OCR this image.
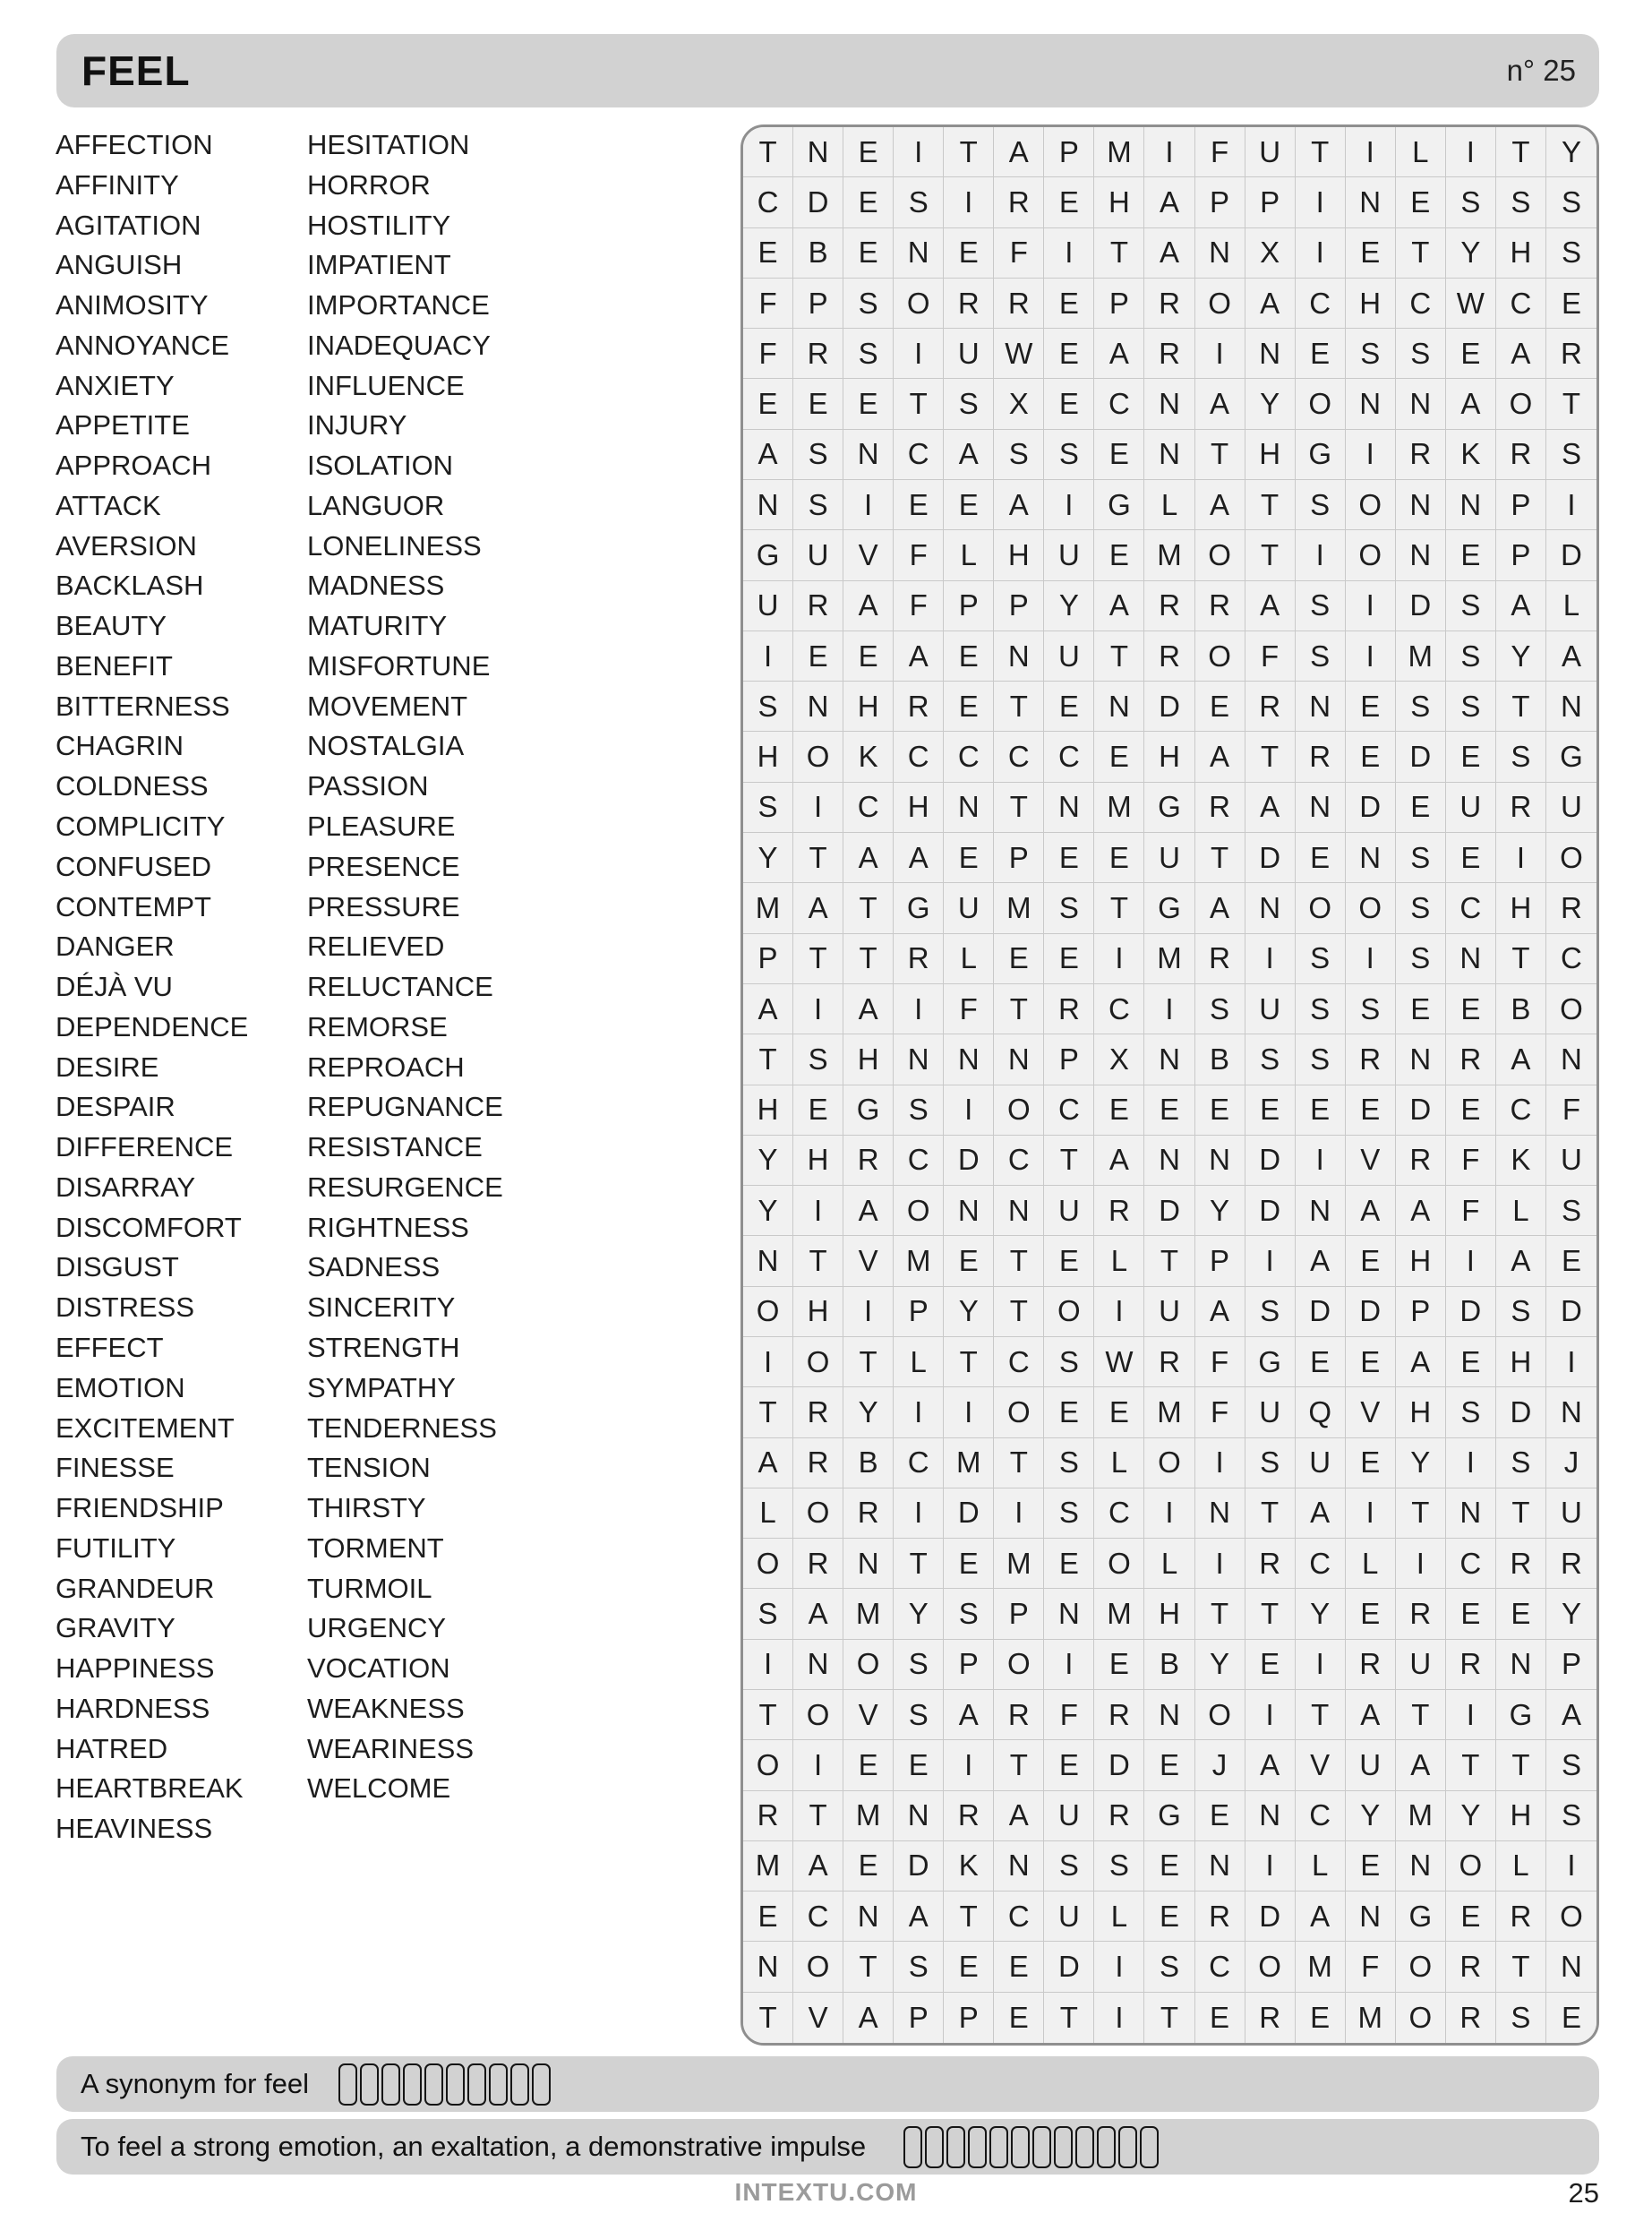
FEEL	n° 25
AFFECTION
AFFINITY
AGITATION
ANGUISH
ANIMOSITY
ANNOYANCE
ANXIETY
APPETITE
APPROACH
ATTACK
AVERSION
BACKLASH
BEAUTY
BENEFIT
BITTERNESS
CHAGRIN
COLDNESS
COMPLICITY
CONFUSED
CONTEMPT
DANGER
DÉJÀ VU
DEPENDENCE
DESIRE
DESPAIR
DIFFERENCE
DISARRAY
DISCOMFORT
DISGUST
DISTRESS
EFFECT
EMOTION
EXCITEMENT
FINESSE
FRIENDSHIP
FUTILITY
GRANDEUR
GRAVITY
HAPPINESS
HARDNESS
HATRED
HEARTBREAK
HEAVINESS
HESITATION
HORROR
HOSTILITY
IMPATIENT
IMPORTANCE
INADEQUACY
INFLUENCE
INJURY
ISOLATION
LANGUOR
LONELINESS
MADNESS
MATURITY
MISFORTUNE
MOVEMENT
NOSTALGIA
PASSION
PLEASURE
PRESENCE
PRESSURE
RELIEVED
RELUCTANCE
REMORSE
REPROACH
REPUGNANCE
RESISTANCE
RESURGENCE
RIGHTNESS
SADNESS
SINCERITY
STRENGTH
SYMPATHY
TENDERNESS
TENSION
THIRSTY
TORMENT
TURMOIL
URGENCY
VOCATION
WEAKNESS
WEARINESS
WELCOME
T	N	E	I	T	A	P M	I	F	U	T	I	L	I	T	Y
C D	E	S	I	R	E	H	A	P	P	I	N	E	S	S	S
E	B	E	N	E	F	I	T	A	N	X	I	E	T	Y	H	S
F	P	S O R R	E	P	R O A	C H C W C	E
F	R	S	I	U W E	A	R	I	N	E	S	S	E	A	R
E	E	E	T	S	X	E	C N	A	Y O N N	A O	T
A	S	N C	A	S	S	E	N	T	H G	I	R	K	R	S
N	S	I	E	E	A	I	G	L	A	T	S O N N	P	I
G U	V	F	L	H U	E M O	T	I	O N	E	P	D
U R	A	F	P	P	Y	A	R R	A	S	I	D	S	A	L
I	E	E	A	E	N U	T	R O	F	S	I	M S	Y	A
S	N H R	E	T	E	N D	E	R N	E	S	S	T	N
H O K	C C C C	E	H	A	T	R	E	D	E	S G
S	I	C H N	T	N M G R	A	N D	E	U R U
Y	T	A	A	E	P	E	E	U	T	D	E	N	S	E	I	O
M A	T	G U M S	T	G A	N O O S	C H R
P	T	T	R	L	E	E	I	M R	I	S	I	S	N	T	C
A	I	A	I	F	T	R C	I	S	U	S	S	E	E	B O
T	S	H N N N	P	X	N	B	S	S	R N R	A	N
H	E G S	I	O C	E	E	E	E	E	E	D	E	C	F
Y	H R C D C	T	A	N N D	I	V	R	F	K	U
Y	I	A O N N U R D	Y	D N	A	A	F	L	S
N	T	V M E	T	E	L	T	P	I	A	E	H	I	A	E
O H	I	P	Y	T	O	I	U	A	S	D D	P	D	S	D
I	O	T	L	T	C	S W R	F	G E	E	A	E	H	I
T	R	Y	I	I	O E	E M F	U Q V	H	S	D N
A	R	B	C M T	S	L	O	I	S	U	E	Y	I	S	J
L	O R	I	D	I	S	C	I	N	T	A	I	T	N	T	U
O R N	T	E M E O	L	I	R C	L	I	C R R
S	A M Y	S	P	N M H	T	T	Y	E	R	E	E	Y
I	N O S	P O	I	E	B	Y	E	I	R U R N	P
T	O V	S	A	R	F	R N O	I	T	A	T	I	G A
O	I	E	E	I	T	E	D	E	J	A	V	U	A	T	T	S
R	T M N R	A	U R G E	N C	Y M Y	H	S
M A	E	D	K	N	S	S	E	N	I	L	E	N O	L	I
E	C N	A	T	C U	L	E	R D	A	N G E	R O
N O	T	S	E	E	D	I	S	C O M F	O R	T	N
T	V	A	P	P	E	T	I	T	E	R	E M O R	S	E
A synonym for feel
To feel a strong emotion, an exaltation, a demonstrative impulse
INTEXTU.COM	25
